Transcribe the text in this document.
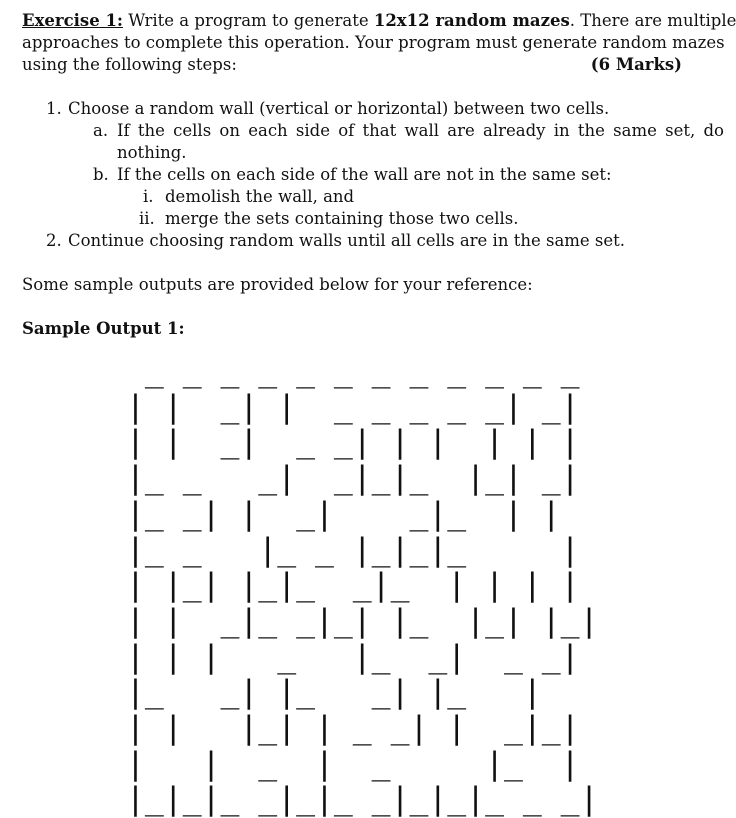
Exercise 1: Write a program to generate 12x12 random mazes. There are multiple
approaches to complete this operation. Your program must generate random mazes
using the following steps:	(6 Marks)
1. Choose a random wall (vertical or horizontal) between two cells.
a. If the cells on each side of that wall are already in the same set, do
nothing.
b. If the cells on each side of the wall are not in the same set:
i. demolish the wall, and
ii. merge the sets containing those two cells.
2. Continue choosing random walls until all cells are in the same set.
Some sample outputs are provided below for your reference:
Sample Output 1:
_ _ _ _ _ _ _ _ _ _ _ _
| |  _| |  _ _ _ _ _| _|
| |  _|  _ _| | |  | | |
|_ _   _|  _|_|_  |_| _|
|_ _| |  _|    _|_  | |
|_ _   |_ _ |_|_|_     |
| |_| |_|_  _|_  | | | |
| |  _|_ _|_| |_  |_| |_|
| | |   _   |_  _|  _ _|
|_   _| |_   _| |_   |
| |   |_| | _ _| |  _|_|
|   |  _  |  _     |_  |
|_|_|_ _|_|_ _|_|_|_ _ _|
